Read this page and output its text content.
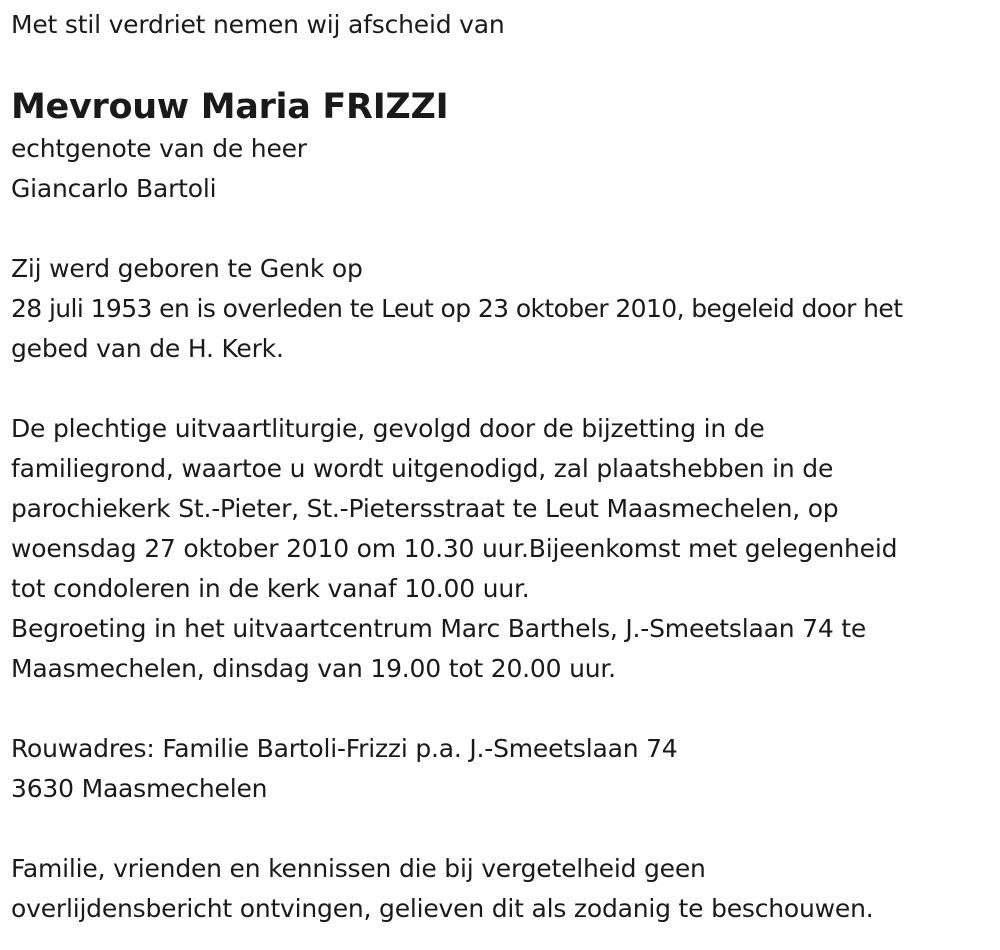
Met stil verdriet nemen wij afscheid van
Mevrouw Maria FRIZZI
echtgenote van de heer
Giancarlo Bartoli
Zij werd geboren te Genk op
28 juli 1953 en is overleden te Leut op 23 oktober 2010, begeleid door het
gebed van de H. Kerk.
De plechtige uitvaartliturgie, gevolgd door de bijzetting in de
familiegrond, waartoe u wordt uitgenodigd, zal plaatshebben in de
parochiekerk St.-Pieter, St.-Pietersstraat te Leut Maasmechelen, op
woensdag 27 oktober 2010 om 10.30 uur.Bijeenkomst met gelegenheid
tot condoleren in de kerk vanaf 10.00 uur.
Begroeting in het uitvaartcentrum Marc Barthels, J.-Smeetslaan 74 te
Maasmechelen, dinsdag van 19.00 tot 20.00 uur.
Rouwadres: Familie Bartoli-Frizzi p.a. J.-Smeetslaan 74
3630 Maasmechelen
Familie, vrienden en kennissen die bij vergetelheid geen
overlijdensbericht ontvingen, gelieven dit als zodanig te beschouwen.
